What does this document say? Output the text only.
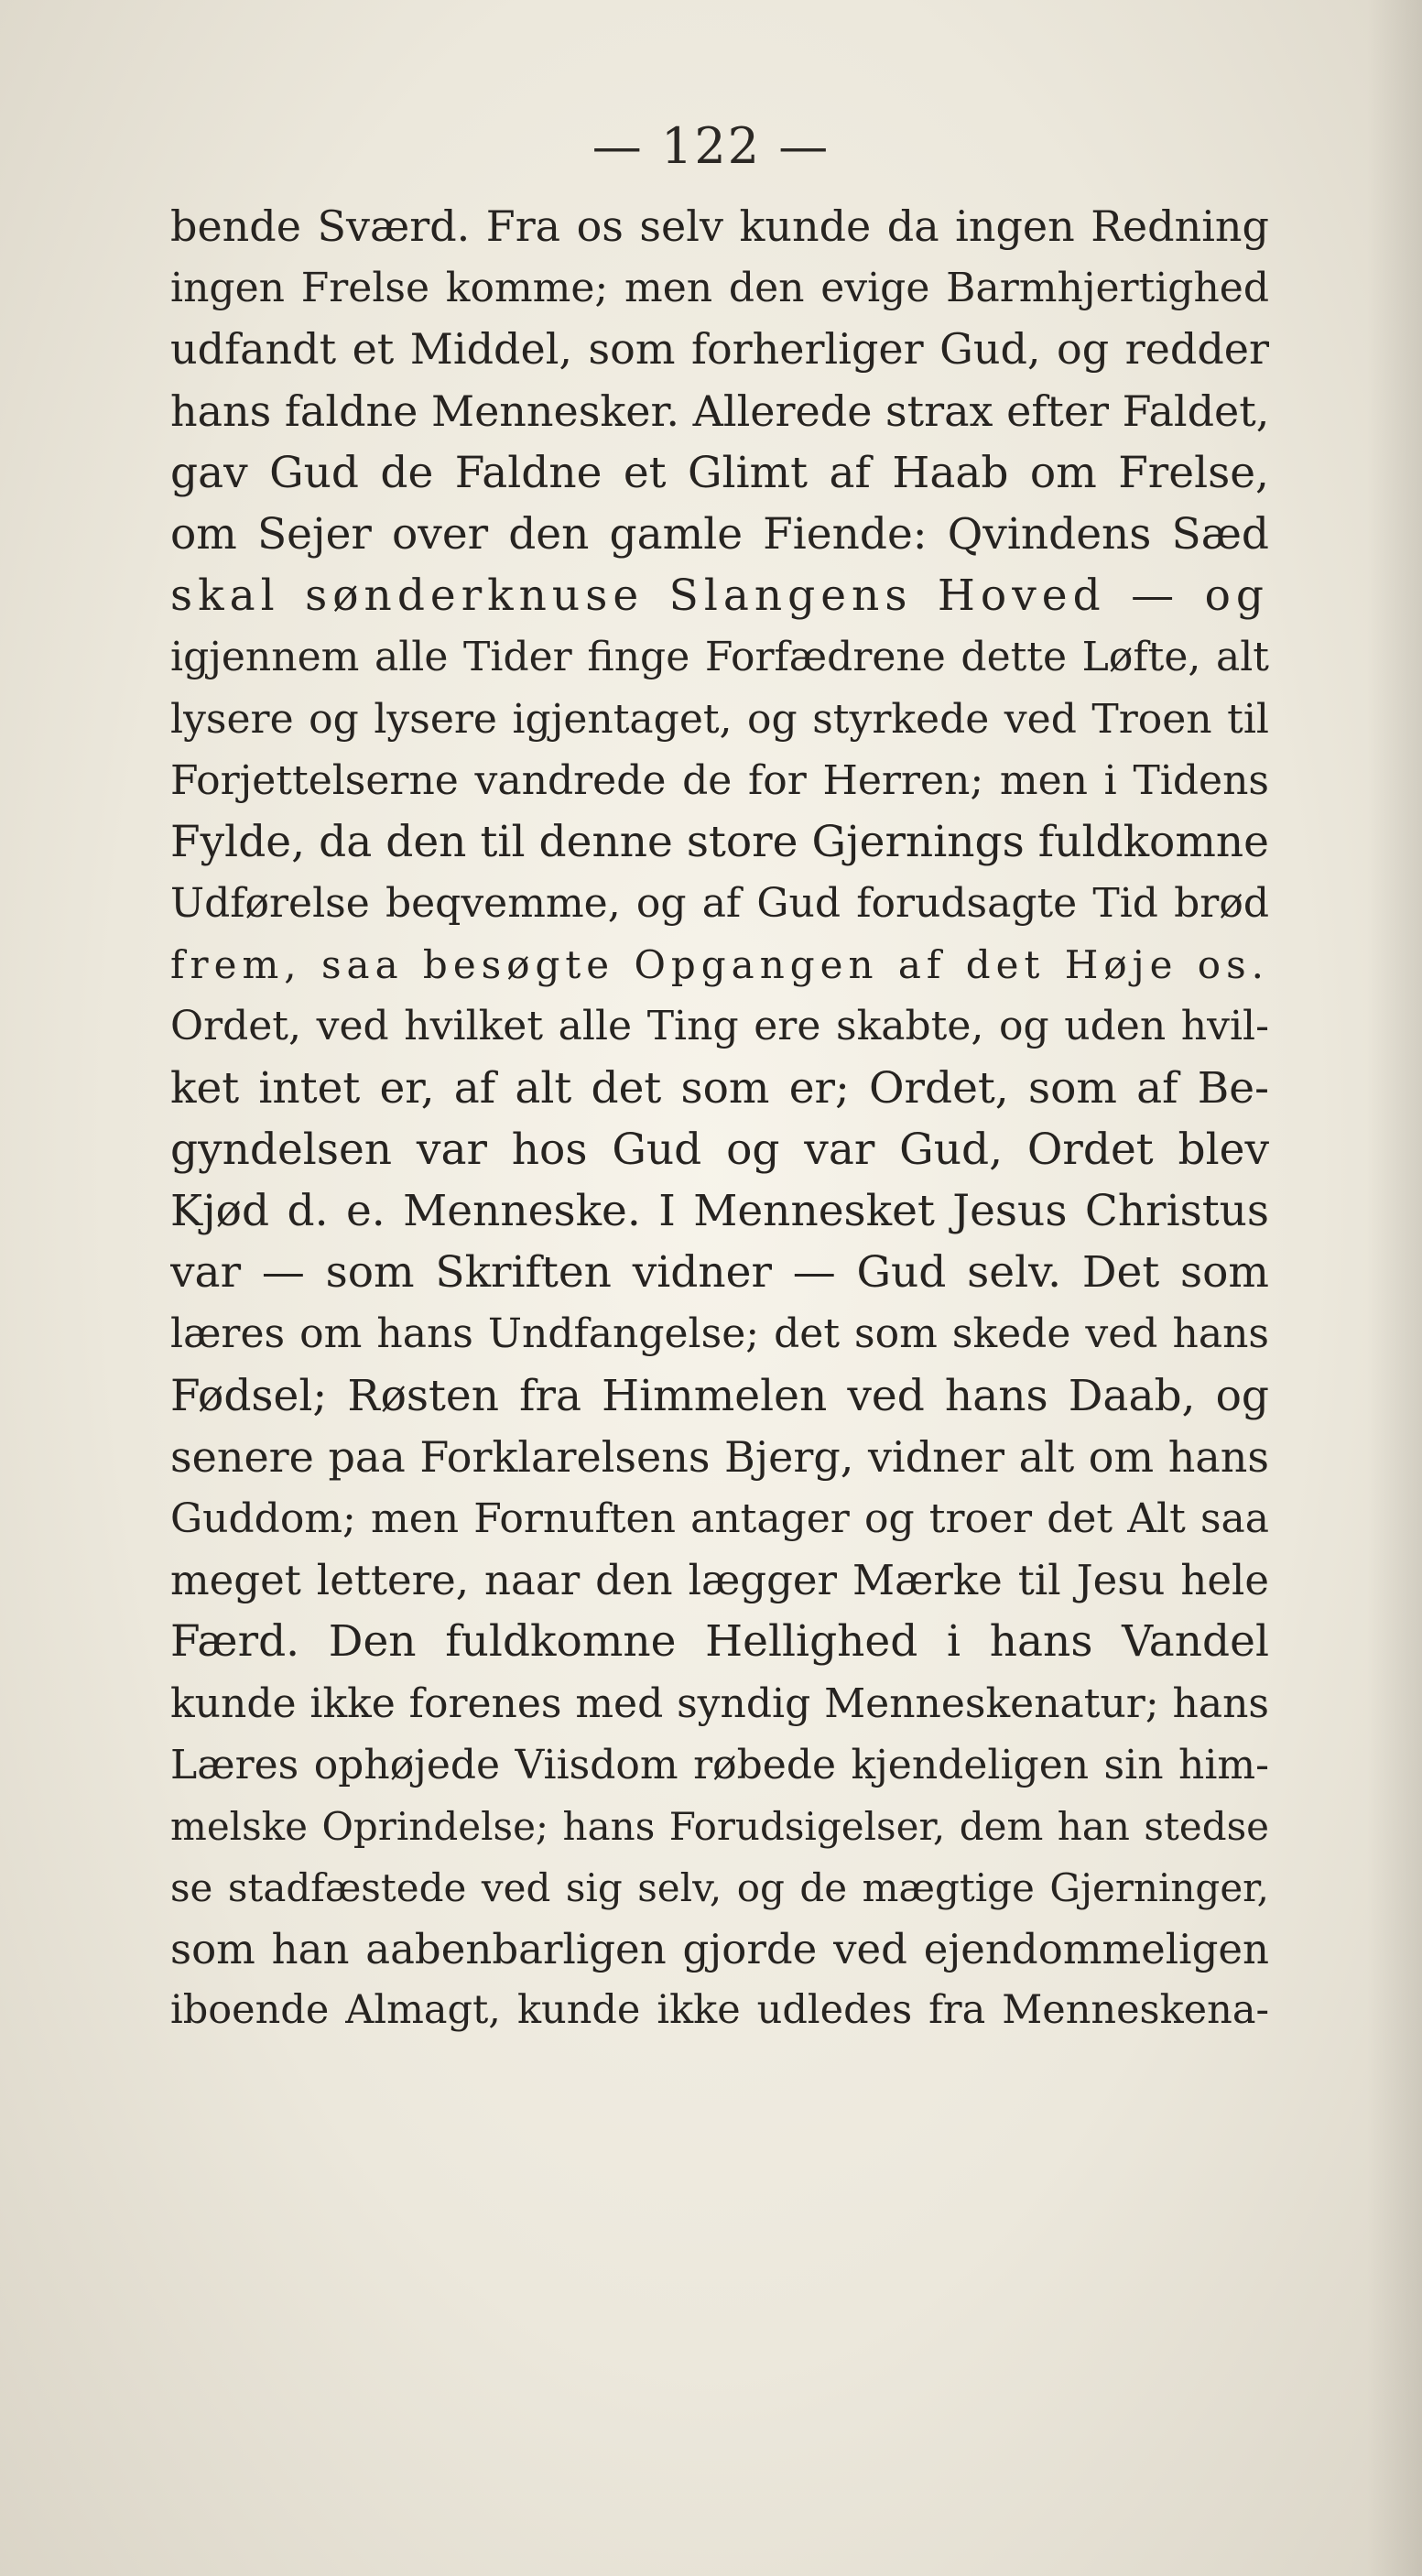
— 122 —
bende Sværd. Fra os selv kunde da ingen Redning
ingen Frelse komme; men den evige Barmhjertighed
udfandt et Middel, som forherliger Gud, og redder
hans faldne Mennesker. Allerede strax efter Faldet,
gav Gud de Faldne et Glimt af Haab om Frelse,
om Sejer over den gamle Fiende: Qvindens Sæd
skal sønderknuse Slangens Hoved — og
igjennem alle Tider finge Forfædrene dette Løfte, alt
lysere og lysere igjentaget, og styrkede ved Troen til
Forjettelserne vandrede de for Herren; men i Tidens
Fylde, da den til denne store Gjernings fuldkomne
Udførelse beqvemme, og af Gud forudsagte Tid brød
frem, saa besøgte Opgangen af det Høje os.
Ordet, ved hvilket alle Ting ere skabte, og uden hvil-
ket intet er, af alt det som er; Ordet, som af Be-
gyndelsen var hos Gud og var Gud, Ordet blev
Kjød d. e. Menneske. I Mennesket Jesus Christus
var — som Skriften vidner — Gud selv. Det som
læres om hans Undfangelse; det som skede ved hans
Fødsel; Røsten fra Himmelen ved hans Daab, og
senere paa Forklarelsens Bjerg, vidner alt om hans
Guddom; men Fornuften antager og troer det Alt saa
meget lettere, naar den lægger Mærke til Jesu hele
Færd. Den fuldkomne Hellighed i hans Vandel
kunde ikke forenes med syndig Menneskenatur; hans
Læres ophøjede Viisdom røbede kjendeligen sin him-
melske Oprindelse; hans Forudsigelser, dem han stedse
se stadfæstede ved sig selv, og de mægtige Gjerninger,
som han aabenbarligen gjorde ved ejendommeligen
iboende Almagt, kunde ikke udledes fra Menneskena-
